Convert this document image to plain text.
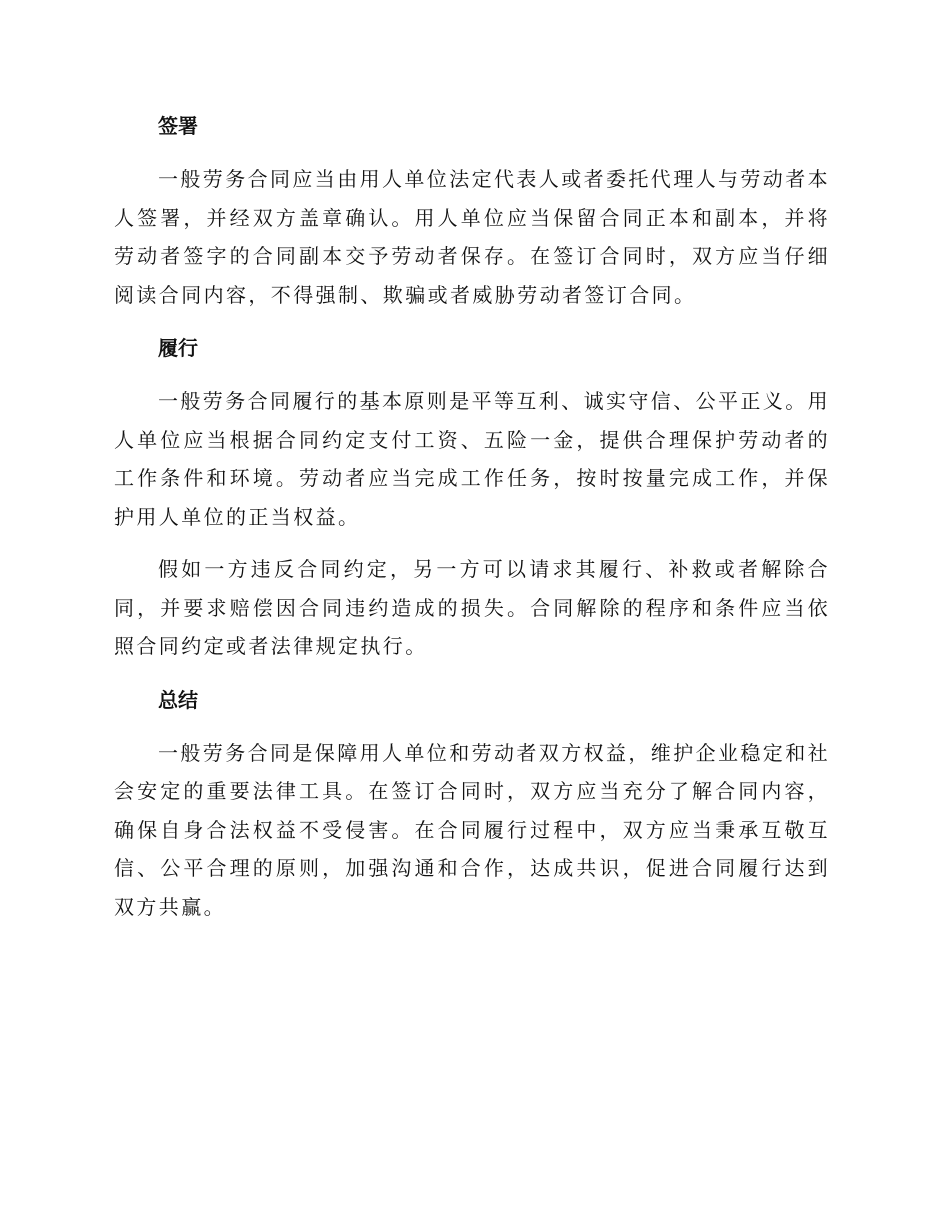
签署

一般劳务合同应当由用人单位法定代表人或者委托代理人与劳动者本人签署，并经双方盖章确认。用人单位应当保留合同正本和副本，并将劳动者签字的合同副本交予劳动者保存。在签订合同时，双方应当仔细阅读合同内容，不得强制、欺骗或者威胁劳动者签订合同。

履行

一般劳务合同履行的基本原则是平等互利、诚实守信、公平正义。用人单位应当根据合同约定支付工资、五险一金，提供合理保护劳动者的工作条件和环境。劳动者应当完成工作任务，按时按量完成工作，并保护用人单位的正当权益。

假如一方违反合同约定，另一方可以请求其履行、补救或者解除合同，并要求赔偿因合同违约造成的损失。合同解除的程序和条件应当依照合同约定或者法律规定执行。

总结

一般劳务合同是保障用人单位和劳动者双方权益，维护企业稳定和社会安定的重要法律工具。在签订合同时，双方应当充分了解合同内容，确保自身合法权益不受侵害。在合同履行过程中，双方应当秉承互敬互信、公平合理的原则，加强沟通和合作，达成共识，促进合同履行达到双方共赢。
